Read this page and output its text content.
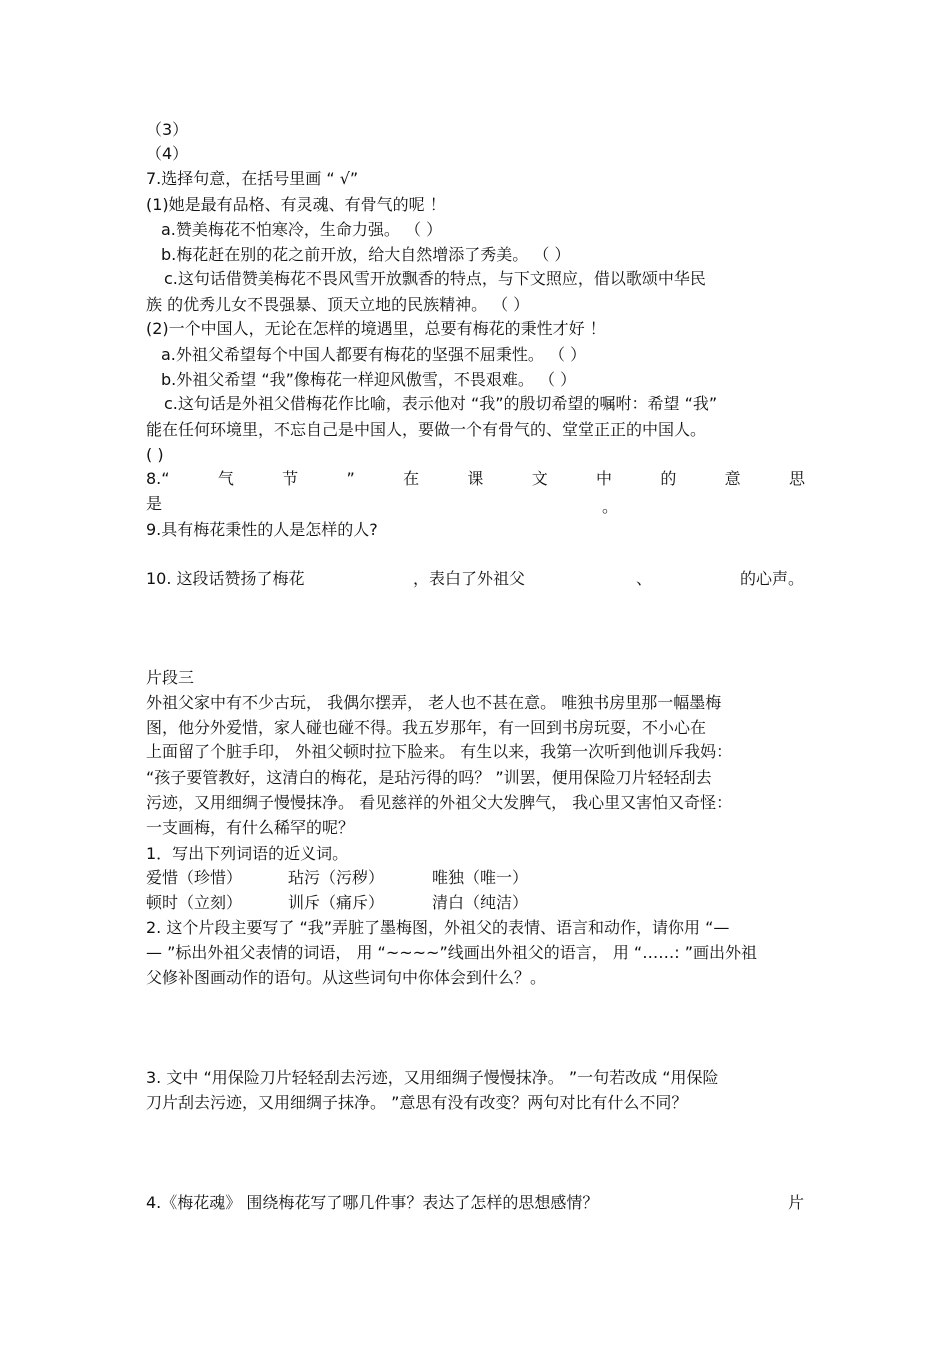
（3）
（4）
7.选择句意，在括号里画 “ √”
(1)她是最有品格、有灵魂、有骨气的呢 ！
a.赞美梅花不怕寒冷，生命力强。 （ ）
b.梅花赶在别的花之前开放，给大自然增添了秀美。 （ ）
c.这句话借赞美梅花不畏风雪开放飘香的特点，与下文照应，借以歌颂中华民
族 的优秀儿女不畏强暴、顶天立地的民族精神。 （ ）
(2)一个中国人，无论在怎样的境遇里，总要有梅花的秉性才好 ！
a.外祖父希望每个中国人都要有梅花的坚强不屈秉性。 （ ）
b.外祖父希望 “我”像梅花一样迎风傲雪，不畏艰难。 （ ）
c.这句话是外祖父借梅花作比喻，表示他对 “我”的殷切希望的嘱咐：希望 “我”
能在任何环境里，不忘自己是中国人，要做一个有骨气的、堂堂正正的中国人。
( )
8.“	气	节	”	在	课	文	中	的	意	思
是	。
9.具有梅花秉性的人是怎样的人?
10. 这段话赞扬了梅花	，表白了外祖父	、	的心声。
片段三
外祖父家中有不少古玩， 我偶尔摆弄， 老人也不甚在意。 唯独书房里那一幅墨梅
图，他分外爱惜，家人碰也碰不得。我五岁那年，有一回到书房玩耍，不小心在
上面留了个脏手印， 外祖父顿时拉下脸来。 有生以来，我第一次听到他训斥我妈：
“孩子要管教好，这清白的梅花，是玷污得的吗？ ”训罢，便用保险刀片轻轻刮去
污迹，又用细绸子慢慢抹净。 看见慈祥的外祖父大发脾气， 我心里又害怕又奇怪：
一支画梅，有什么稀罕的呢？
1．写出下列词语的近义词。
爱惜（珍惜）	玷污（污秽）	唯独（唯一）
顿时（立刻）	训斥（痛斥）	清白（纯洁）
2. 这个片段主要写了 “我”弄脏了墨梅图，外祖父的表情、语言和动作，请你用 “—
— ”标出外祖父表情的词语， 用 “~~~~”线画出外祖父的语言， 用 “……: ”画出外祖
父修补图画动作的语句。从这些词句中你体会到什么？。
3. 文中 “用保险刀片轻轻刮去污迹，又用细绸子慢慢抹净。 ”一句若改成 “用保险
刀片刮去污迹，又用细绸子抹净。 ”意思有没有改变？两句对比有什么不同？
4.《梅花魂》 围绕梅花写了哪几件事？表达了怎样的思想感情？	片
